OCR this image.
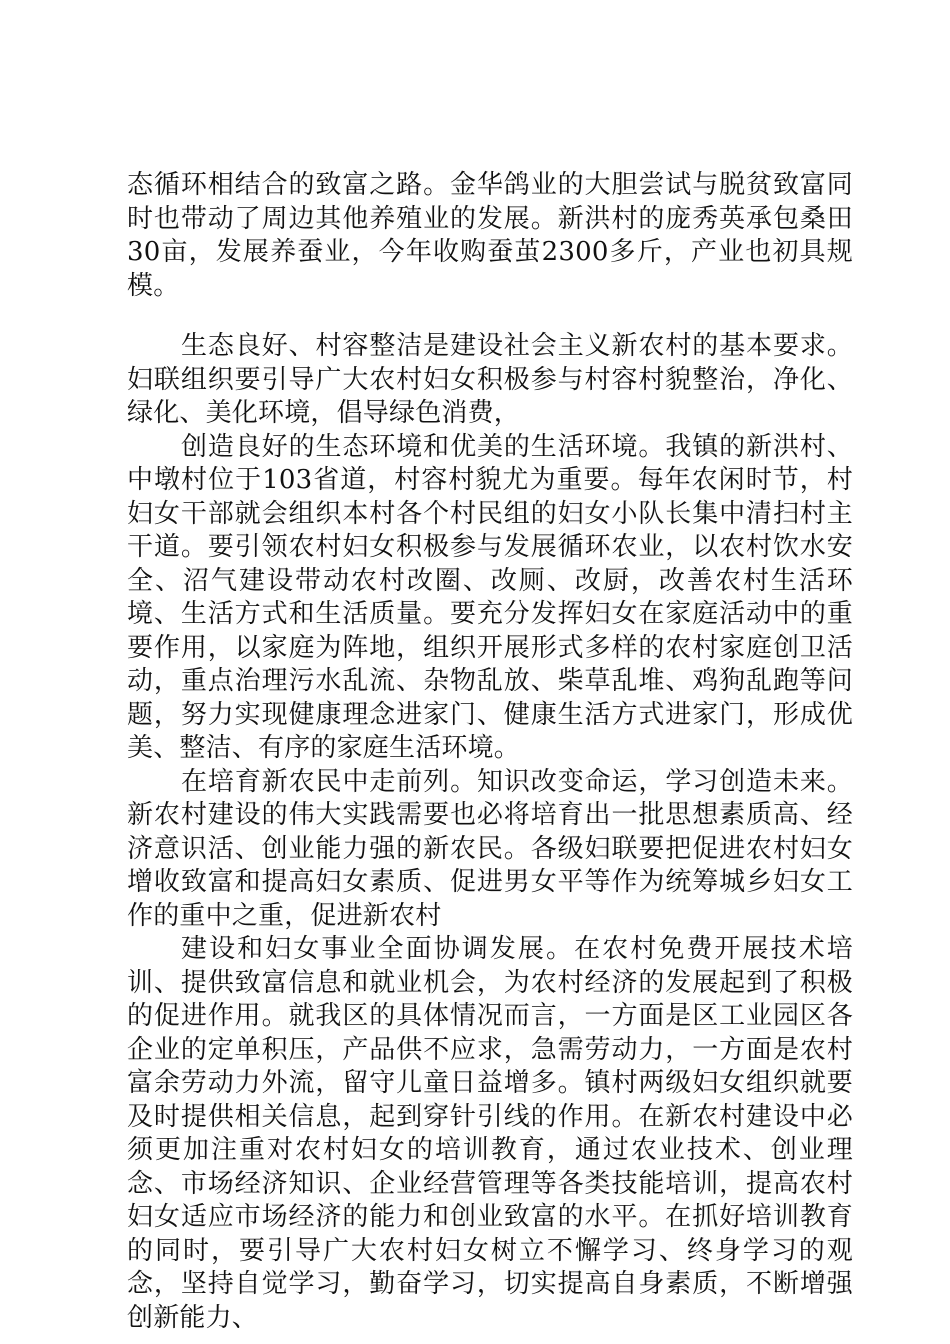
态循环相结合的致富之路。金华鸽业的大胆尝试与脱贫致富同时也带动了周边其他养殖业的发展。新洪村的庞秀英承包桑田30亩，发展养蚕业，今年收购蚕茧2300多斤，产业也初具规模。

生态良好、村容整洁是建设社会主义新农村的基本要求。妇联组织要引导广大农村妇女积极参与村容村貌整治，净化、绿化、美化环境，倡导绿色消费，

创造良好的生态环境和优美的生活环境。我镇的新洪村、中墩村位于103省道，村容村貌尤为重要。每年农闲时节，村妇女干部就会组织本村各个村民组的妇女小队长集中清扫村主干道。要引领农村妇女积极参与发展循环农业，以农村饮水安全、沼气建设带动农村改圈、改厕、改厨，改善农村生活环境、生活方式和生活质量。要充分发挥妇女在家庭活动中的重要作用，以家庭为阵地，组织开展形式多样的农村家庭创卫活动，重点治理污水乱流、杂物乱放、柴草乱堆、鸡狗乱跑等问题，努力实现健康理念进家门、健康生活方式进家门，形成优美、整洁、有序的家庭生活环境。

在培育新农民中走前列。知识改变命运，学习创造未来。新农村建设的伟大实践需要也必将培育出一批思想素质高、经济意识活、创业能力强的新农民。各级妇联要把促进农村妇女增收致富和提高妇女素质、促进男女平等作为统筹城乡妇女工作的重中之重，促进新农村

建设和妇女事业全面协调发展。在农村免费开展技术培训、提供致富信息和就业机会，为农村经济的发展起到了积极的促进作用。就我区的具体情况而言，一方面是区工业园区各企业的定单积压，产品供不应求，急需劳动力，一方面是农村富余劳动力外流，留守儿童日益增多。镇村两级妇女组织就要及时提供相关信息，起到穿针引线的作用。在新农村建设中必须更加注重对农村妇女的培训教育，通过农业技术、创业理念、市场经济知识、企业经营管理等各类技能培训，提高农村妇女适应市场经济的能力和创业致富的水平。在抓好培训教育的同时，要引导广大农村妇女树立不懈学习、终身学习的观念，坚持自觉学习，勤奋学习，切实提高自身素质，不断增强创新能力、
